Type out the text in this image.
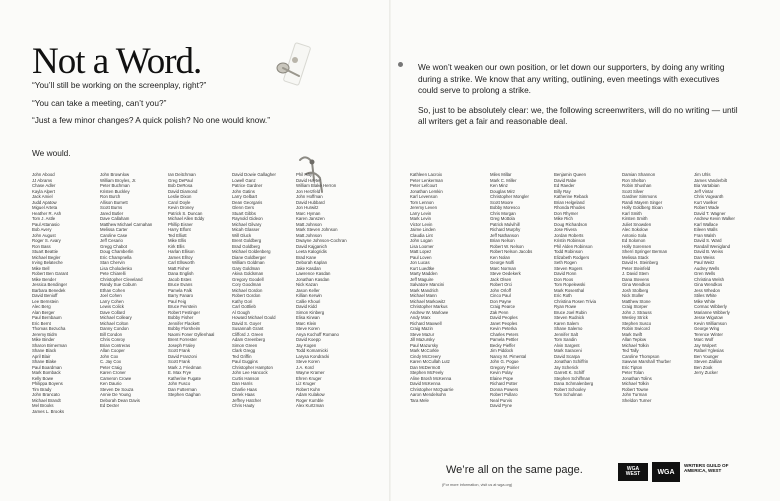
Not a Word.

“You’ll still be working on the screenplay, right?”

“You can take a meeting, can’t you?”

“Just a few minor changes? A quick polish? No one would know.”

We would.
John Abood
JJ Abrams
Chase Adler
Kayla Alpert
Jack Amiel
Judd Apatow
Miguel Arteta
Heather R. Ash
Tom J. Astle
Paul Attanasio
Bob Avery
John August
Roger S. Avary
Ron Bass
Stuart Beattie
Michael Begler
Irving Belateche
Mike Bell
Robert Ben Garant
Mike Bender
Jessica Bendinger
Barbara Benedek
David Benioff
Lee Bernstein
Alec Berg
Alan Berger
Paul Bernbaum
Eric Bernt
Thomas Bezucha
Jeremy Bidm
Mike Binder
Sharon Birnerman
Shane Black
April Blair
Shane Blake
Paul Boardman
Mark Bomback
Kelly Bowe
Philippa Boyens
Tim Brady
John Brancato
Michael Brandt
Mel Brooks
James L. Brooks
John Brownlow
William Broyles, Jr.
Peter Buchman
Kristen Buckley
Ron Burch
Allison Burnett
Scott Burns
Jared Butler
Dave Callaham
Matthew Michael Carnahan
Melissa Carter
Caroline Case
Jeff Cesario
Gregg Chabot
Doug Chamberlin
Eric Champnella
Stan Chervin
Lisa Cholodenko
Pete Chiarelli
Christopher Cleveland
Randy Sue Coburn
Ethan Cohen
Joel Cohen
Larry Cohen
Lewis Colick
Dave Collard
Michael Colleary
Michael Colton
Danny Condon
Bill Condon
Chris Conroy
Brian Contreras
Allan Cooper
John Cox
C. Jay Cox
Peter Craig
Karen Croner
Cameron Crowe
Ken Daurio
Steven De Souza
Annie De Young
Deborah Dean Davis
Ed Decter
Ian Deitchman
Greg DePaul
Bob DeRosa
David Diamond
Leslie Dixon
Carol Doyle
Kevin Droney
Patrick S. Duncan
Michael Allen Eddy
Phillip Eisner
Harry Elfont
Ted Elliott
Mike Ellis
Kirk Ellis
Harlan Ellison
James Ellroy
Carl Ellsworth
Matt Fisher
Dana English
Jacob Estes
Bruce Evans
Pamela Falk
Barry Fanaro
Paul Feig
Bruce Feirstein
Robert Festinger
Bobby Fisher
Jennifer Flackett
Bobby Florsheim
Naomi Foner Gyllenhaal
Brent Forrester
Joseph Fraley
Scott Frank
David Franzoni
Scott Frank
Mark J. Friedman
E. Max Frye
Katherine Fugate
John Fusco
Dan Futterman
Stephen Gaghan
David Dowie Gallagher
Lowell Ganz
Patrice Gardner
John Gatins
Larry Gelbart
Dean Georgaris
Glenn Gers
Stuart Gibbs
Raynold Gideon
Michael Gilvary
Micah Glasser
Will Gluck
Brent Goldberg
Brad Goldberg
Michael Goldenberg
Diane Goldberger
William Goldman
Gary Goldman
Akiva Goldsman
Gregory Goodell
Cory Goodman
Michael Gordon
Robert Gordon
Kathy Gori
Carl Gottlieb
Al Gough
Howard Michael Gould
David S. Goyer
Susannah Grant
Clifford J. Green
Adam Greenberg
Simon Green
Clark Gregg
Ted Griffin
Paul Guggins
Christopher Hampton
John Lee Hancock
Curtis Hanson
Dan Harris
Charlie Haas
Derek Haas
Jeffrey Hatcher
Chris Hauty
Phil Hay
David Hayter
William Blake Herron
Jon Herzfeld
John Hoffman
David Hubbard
Jon Hurwitz
Marc Hyman
Karen Janszen
Matt Johnson
Mark Steven Johnson
Matt Johnson
Dwayne Johnson-Cochran
David Kajganich
Leeta Kalogridis
Brad Kane
Deborah Kaplan
Jake Kasdan
Lawrence Kasdan
Jonathan Kasdan
Nick Kazan
Jason Keller
Killian Kerwin
Callie Khouri
David Kidd
Simon Kinberg
Elisa Kirwan
Marc Klein
Steve Koren
Anya Kochoff Romano
David Koepp
Jay Kogen
Todd Komarnicki
Larysa Kondracki
Steve Koren
J.A. Kord
Wayne Kramer
Ehren Kruger
Liz Kruger
Robert Kuhn
Adam Kulakow
Roger Kumble
Alex Kurtzman

We won’t weaken our own position, or let down our supporters, by doing any writing during a strike. We know that any writing, outlining, even meetings with executives could serve to prolong a strike.

So, just to be absolutely clear: we, the following screenwriters, will do no writing — until all writers get a fair and reasonable deal.

Kathleen Lacroix
Peter Lenkerman
Peter Lefcourt
Jonathan Lemkin
Karl Levenson
Tom Lennon
Jeremy Leven
Larry Levin
Mark Levin
Victor Levin
Jaime Linden
Claudia Lint
John Logan
Lisa Loomer
Matt Lopez
Paul Loven
Jon Lucas
Kurt Luedtke
Marty Madden
Jeff Maguire
Salvatore Mancini
Mark Mandrich
Michael Mann
Michael Markowitz
Christopher Markus
Andrew W. Marlowe
Andy Marx
Richard Maxwell
Craig Mazin
Steve Mazur
Jill Mazursky
Paul Mazursky
Mark McCorkle
Cindy McCreery
Karen McCullah Lutz
Dan McDermott
Stephen McFeely
Aline Brosh McKenna
David McKenna
Christopher McQuarrie
Aaron Mendelsohn
Tara Mele
Miles Millar
Mark C. Miller
Ken Minz
Douglas Mirz
Christopher Mongler
Scott Moore
Bobby Moresco
Chris Morgan
Greg Mottola
Patrick Mulvihill
Richard Murphy
Jeff Nathanson
Brian Nelson
Robert W. Nelson
Robert Nelson Jacobs
Ken Nolan
George Nolfi
Marc Norman
Steve Oedekerk
Jack Olsen
Robert Orci
John Orloff
Cinco Paul
Don Payne
Craig Pearce
Zak Penn
David Peoples
Janet Peoples
Kevin Peterka
Charles Peters
Pamela Pettler
Becky Pieffer
Jim Piddock
Nancy M. Pimental
John G. Pogue
Gregory Poirier
Kevin Polay
Elaine Pope
Richard Potter
Donna Powers
Robert Pullaro
Neal Purvis
David Pyne
Benjamin Queen
David Rabe
Ed Raeder
Billy Ray
Katherine Reback
Brian Helgeland
Rhonda Rhodes
Don Rhymer
Mike Rich
Doug Richardson
Jose Rivera
Jordan Roberts
Kristin Robinson
Phil Alden Robinson
Todd Robinson
Elizabeth Rodgers
Seth Rogen
Steven Rogers
David Ronn
Don Roos
Tom Ropelewski
Mark Rosenthal
Eric Roth
Christina Rosen Trivia
Ryan Rowe
Bruce Joel Rubin
Steven Rudnick
Karen Salem
Shane Salerno
Jennifer Salt
Tom Sandin
Alvin Sargent
Mark Saraceni
David Scarpa
Jonathan Schiffrin
Jay Scherick
Garrett K. Schiff
Stephen Schiffman
Dana Schmalenberg
Robert Schooley
Tom Schulman
Damian Shannon
Ron Shelton
Robin Shushan
Scott Silver
Gardner Simmons
Randi Mayem Singer
Holly Goldberg Sloan
Karl Smith
Kirsten Smith
Juliet Snowden
Alec Sokolow
Antonio Sola
Ed Solomon
Holly Sorensen
Sherri Springer Berman
Melissa Stack
David H. Steinberg
Peter Steinfeld
J. David Stem
Dana Stevens
Gina Wendkos
Josh Stolberg
Nick Stoller
Matthew Stone
Craig Storper
John J. Strauss
Wesley Strick
Stephen Susco
Robin Swicord
Mark Swift
Allan Teplow
Michael Tolkin
Ted Tally
Caroline Thompson
Sawvan Marshall Thurber
Eric Tipton
Peter Tolan
Jonathan Tolins
Michael Tolkin
Robert Towne
John Turman
Sheldon Turner
Jim Uhls
James Vanderbilt
Bia Vartabian
Jeff Vintar
Chris Vogeanth
Kurt Voelker
Robert Wade
David T. Wagner
Andrew Kevin Walker
Karl Wallace
Eileen Walls
Fran Walsh
David S. Ward
Randall Wenigland
David B. Weiss
Dan Weiss
Paul Weitz
Audrey Wells
Gren Wells
Christina Welsh
Gina Wendkos
Jess Whedon
Stiles White
Mike White
Cormac Wibberly
Marianne Wibberly
Jesse Wigutow
Kevin Williamson
George Wing
Terence Winter
Marc Wolf
Jay Wolpert
Rafael Yglesias
Ben Younger
Steven Zaillian
Ben Zook
Jerry Zucker
We’re all on the same page.
(For more information, visit us at wga.org)
WGA
WEST	WGA
WRITERS GUILD OF AMERICA, WEST
